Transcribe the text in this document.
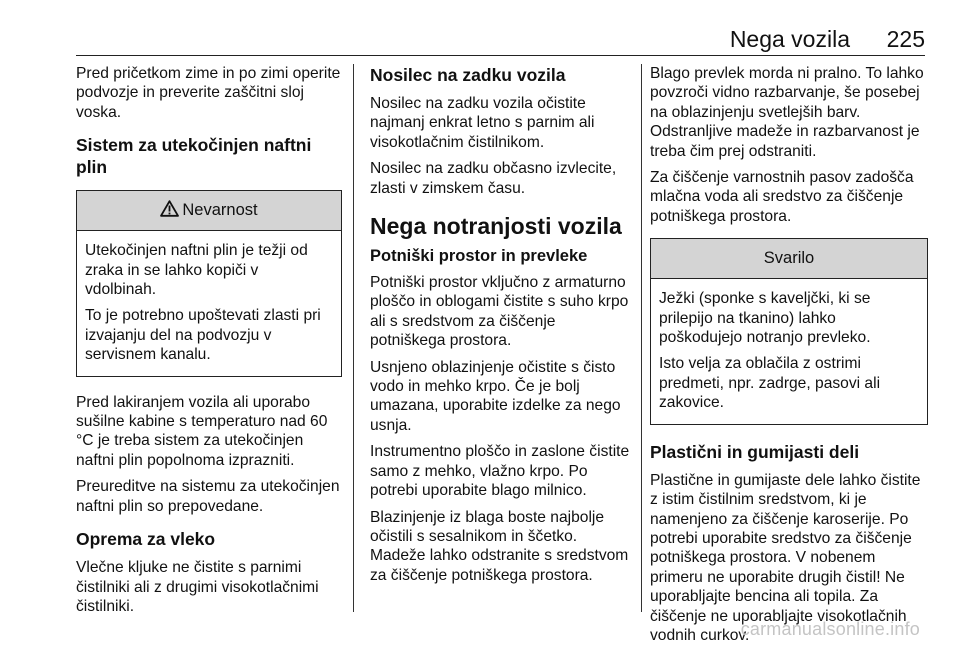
Nega vozila 225

Pred pričetkom zime in po zimi operite podvozje in preverite zaščitni sloj voska.

Sistem za utekočinjen naftni plin
Nevarnost

Utekočinjen naftni plin je težji od zraka in se lahko kopiči v vdolbinah.

To je potrebno upoštevati zlasti pri izvajanju del na podvozju v servisnem kanalu.

Pred lakiranjem vozila ali uporabo sušilne kabine s temperaturo nad 60 °C je treba sistem za utekočinjen naftni plin popolnoma izprazniti.

Preureditve na sistemu za utekočinjen naftni plin so prepovedane.

Oprema za vleko

Vlečne kljuke ne čistite s parnimi čistilniki ali z drugimi visokotlačnimi čistilniki.

Nosilec na zadku vozila

Nosilec na zadku vozila očistite najmanj enkrat letno s parnim ali visokotlačnim čistilnikom.

Nosilec na zadku občasno izvlecite, zlasti v zimskem času.

Nega notranjosti vozila
Potniški prostor in prevleke

Potniški prostor vključno z armaturno ploščo in oblogami čistite s suho krpo ali s sredstvom za čiščenje potniškega prostora.

Usnjeno oblazinjenje očistite s čisto vodo in mehko krpo. Če je bolj umazana, uporabite izdelke za nego usnja.

Instrumentno ploščo in zaslone čistite samo z mehko, vlažno krpo. Po potrebi uporabite blago milnico.

Blazinjenje iz blaga boste najbolje očistili s sesalnikom in ščetko. Madeže lahko odstranite s sredstvom za čiščenje potniškega prostora.

Blago prevlek morda ni pralno. To lahko povzroči vidno razbarvanje, še posebej na oblazinjenju svetlejših barv. Odstranljive madeže in razbarvanost je treba čim prej odstraniti.

Za čiščenje varnostnih pasov zadošča mlačna voda ali sredstvo za čiščenje potniškega prostora.

Svarilo

Ježki (sponke s kaveljčki, ki se prilepijo na tkanino) lahko poškodujejo notranjo prevleko.

Isto velja za oblačila z ostrimi predmeti, npr. zadrge, pasovi ali zakovice.

Plastični in gumijasti deli

Plastične in gumijaste dele lahko čistite z istim čistilnim sredstvom, ki je namenjeno za čiščenje karoserije. Po potrebi uporabite sredstvo za čiščenje potniškega prostora. V nobenem primeru ne uporabite drugih čistil! Ne uporabljajte bencina ali topila. Za čiščenje ne uporabljajte visokotlačnih vodnih curkov.

carmanualsonline.info
